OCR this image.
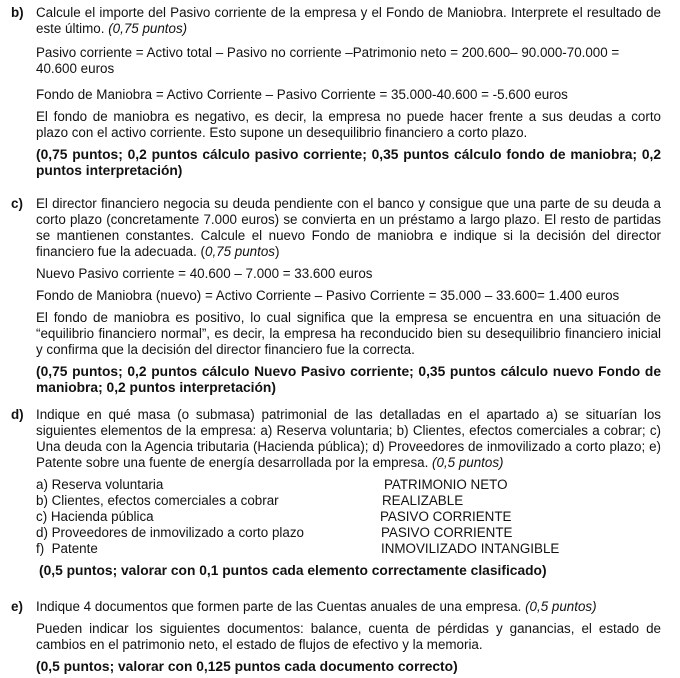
b) Calcule el importe del Pasivo corriente de la empresa y el Fondo de Maniobra. Interprete el resultado de este último. (0,75 puntos)

Pasivo corriente = Activo total – Pasivo no corriente –Patrimonio neto = 200.600– 90.000-70.000 = 40.600 euros

Fondo de Maniobra = Activo Corriente – Pasivo Corriente = 35.000-40.600 = -5.600 euros

El fondo de maniobra es negativo, es decir, la empresa no puede hacer frente a sus deudas a corto plazo con el activo corriente. Esto supone un desequilibrio financiero a corto plazo.

(0,75 puntos; 0,2 puntos cálculo pasivo corriente; 0,35 puntos cálculo fondo de maniobra; 0,2 puntos interpretación)

c) El director financiero negocia su deuda pendiente con el banco y consigue que una parte de su deuda a corto plazo (concretamente 7.000 euros) se convierta en un préstamo a largo plazo. El resto de partidas se mantienen constantes. Calcule el nuevo Fondo de maniobra e indique si la decisión del director financiero fue la adecuada. (0,75 puntos)

Nuevo Pasivo corriente = 40.600 – 7.000 = 33.600 euros

Fondo de Maniobra (nuevo) = Activo Corriente – Pasivo Corriente = 35.000 – 33.600= 1.400 euros

El fondo de maniobra es positivo, lo cual significa que la empresa se encuentra en una situación de “equilibrio financiero normal”, es decir, la empresa ha reconducido bien su desequilibrio financiero inicial y confirma que la decisión del director financiero fue la correcta.

(0,75 puntos; 0,2 puntos cálculo Nuevo Pasivo corriente; 0,35 puntos cálculo nuevo Fondo de maniobra; 0,2 puntos interpretación)

d) Indique en qué masa (o submasa) patrimonial de las detalladas en el apartado a) se situarían los siguientes elementos de la empresa: a) Reserva voluntaria; b) Clientes, efectos comerciales a cobrar; c) Una deuda con la Agencia tributaria (Hacienda pública); d) Proveedores de inmovilizado a corto plazo; e) Patente sobre una fuente de energía desarrollada por la empresa. (0,5 puntos)

a) Reserva voluntaria	PATRIMONIO NETO
b) Clientes, efectos comerciales a cobrar	REALIZABLE
c) Hacienda pública	PASIVO CORRIENTE
d) Proveedores de inmovilizado a corto plazo	PASIVO CORRIENTE
f)  Patente	INMOVILIZADO INTANGIBLE

(0,5 puntos; valorar con 0,1 puntos cada elemento correctamente clasificado)

e) Indique 4 documentos que formen parte de las Cuentas anuales de una empresa. (0,5 puntos)

Pueden indicar los siguientes documentos: balance, cuenta de pérdidas y ganancias, el estado de cambios en el patrimonio neto, el estado de flujos de efectivo y la memoria.

(0,5 puntos; valorar con 0,125 puntos cada documento correcto)
